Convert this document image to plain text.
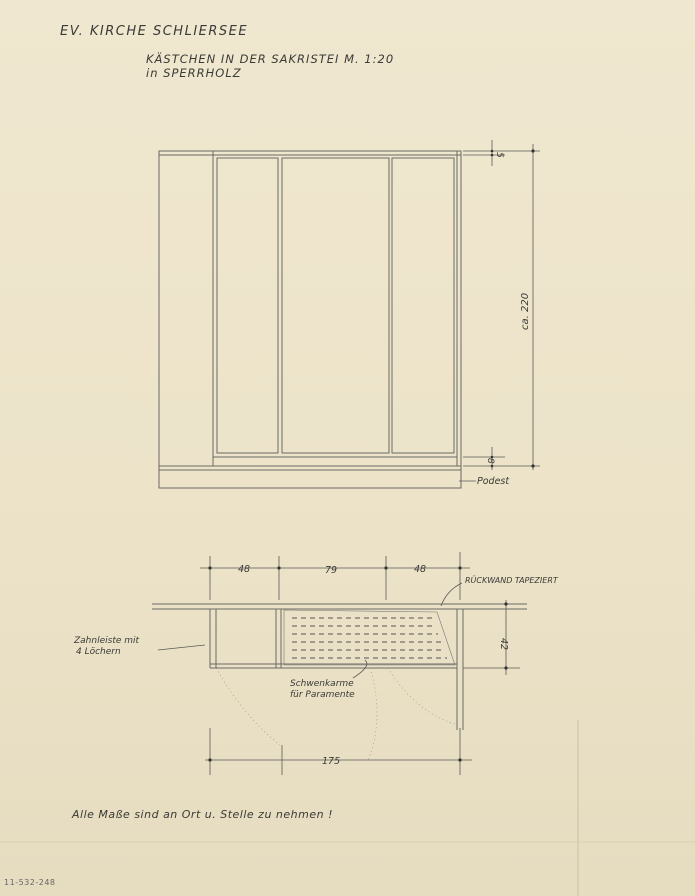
EV. KIRCHE SCHLIERSEE

KÄSTCHEN IN DER SAKRISTEI M. 1:20

in SPERRHOLZ

5
ca. 220
8
Podest
48	79	48
42
175
RÜCKWAND TAPEZIERT
Zahnleiste mit
4 Löchern
Schwenkarme
für Paramente

Alle Maße sind an Ort u. Stelle zu nehmen !

11-532-248
